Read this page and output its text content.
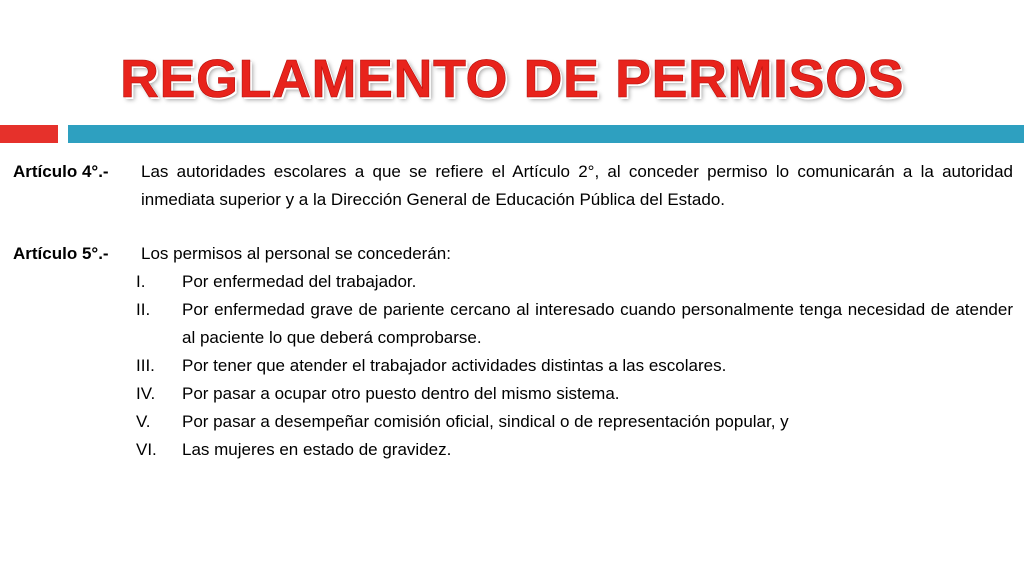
REGLAMENTO DE PERMISOS
Artículo 4°.-	Las autoridades escolares a que se refiere el Artículo 2°, al conceder permiso lo comunicarán a la autoridad inmediata superior y a la Dirección General de Educación Pública del Estado.
Artículo 5°.-	Los permisos al personal se concederán:
I.	Por enfermedad del trabajador.
II.	Por enfermedad grave de pariente cercano al interesado cuando personalmente tenga necesidad de atender al paciente lo que deberá comprobarse.
III.	Por tener que atender el trabajador actividades distintas a las escolares.
IV.	Por pasar a ocupar otro puesto dentro del mismo sistema.
V.	Por pasar a desempeñar comisión oficial, sindical o de representación popular, y
VI.	Las mujeres en estado de gravidez.
